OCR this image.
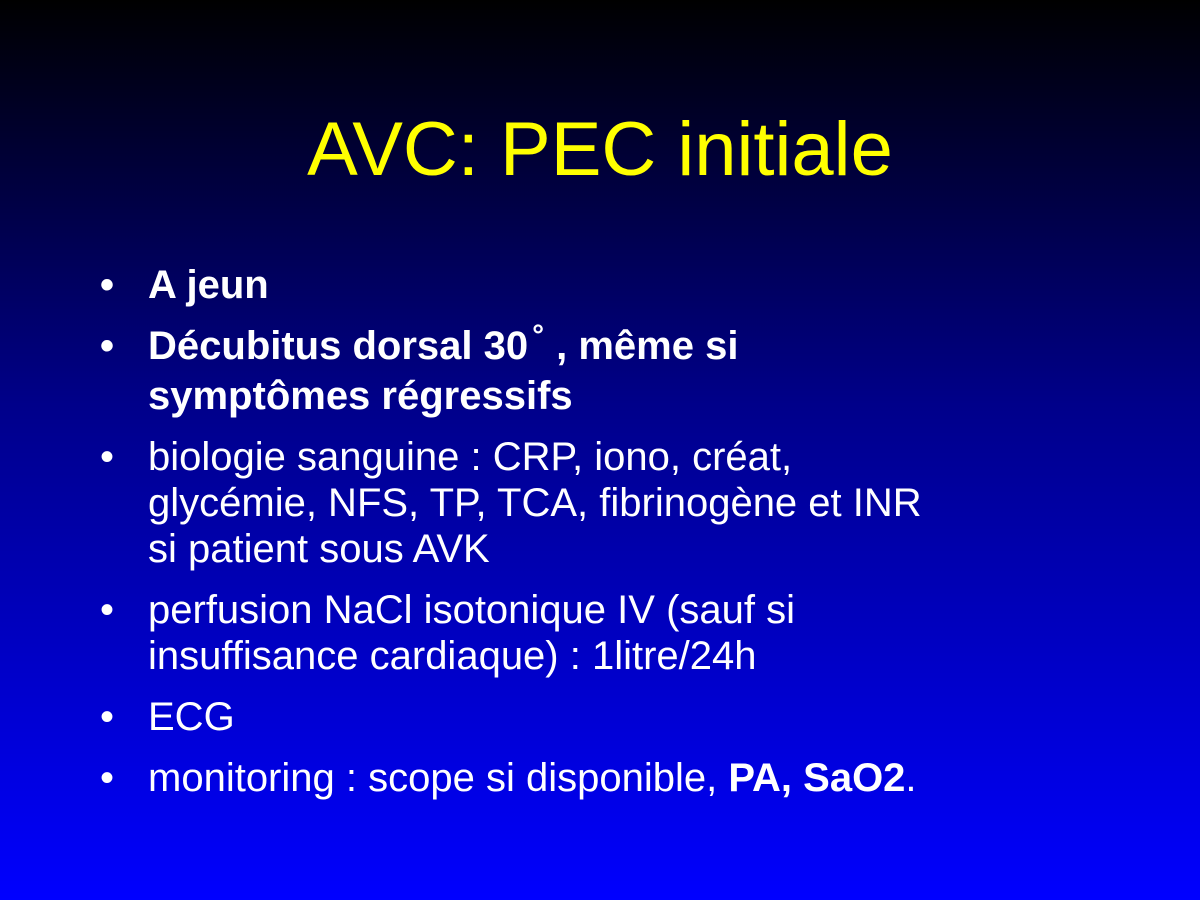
AVC: PEC initiale
• A jeun
• Décubitus dorsal 30 ° , même si
symptômes régressifs
• biologie sanguine : CRP, iono, créat,
glycémie, NFS, TP, TCA, fibrinogène et INR
si patient sous AVK
• perfusion NaCl isotonique IV (sauf si
insuffisance cardiaque) : 1litre/24h
• ECG
• monitoring : scope si disponible, PA, SaO2.
